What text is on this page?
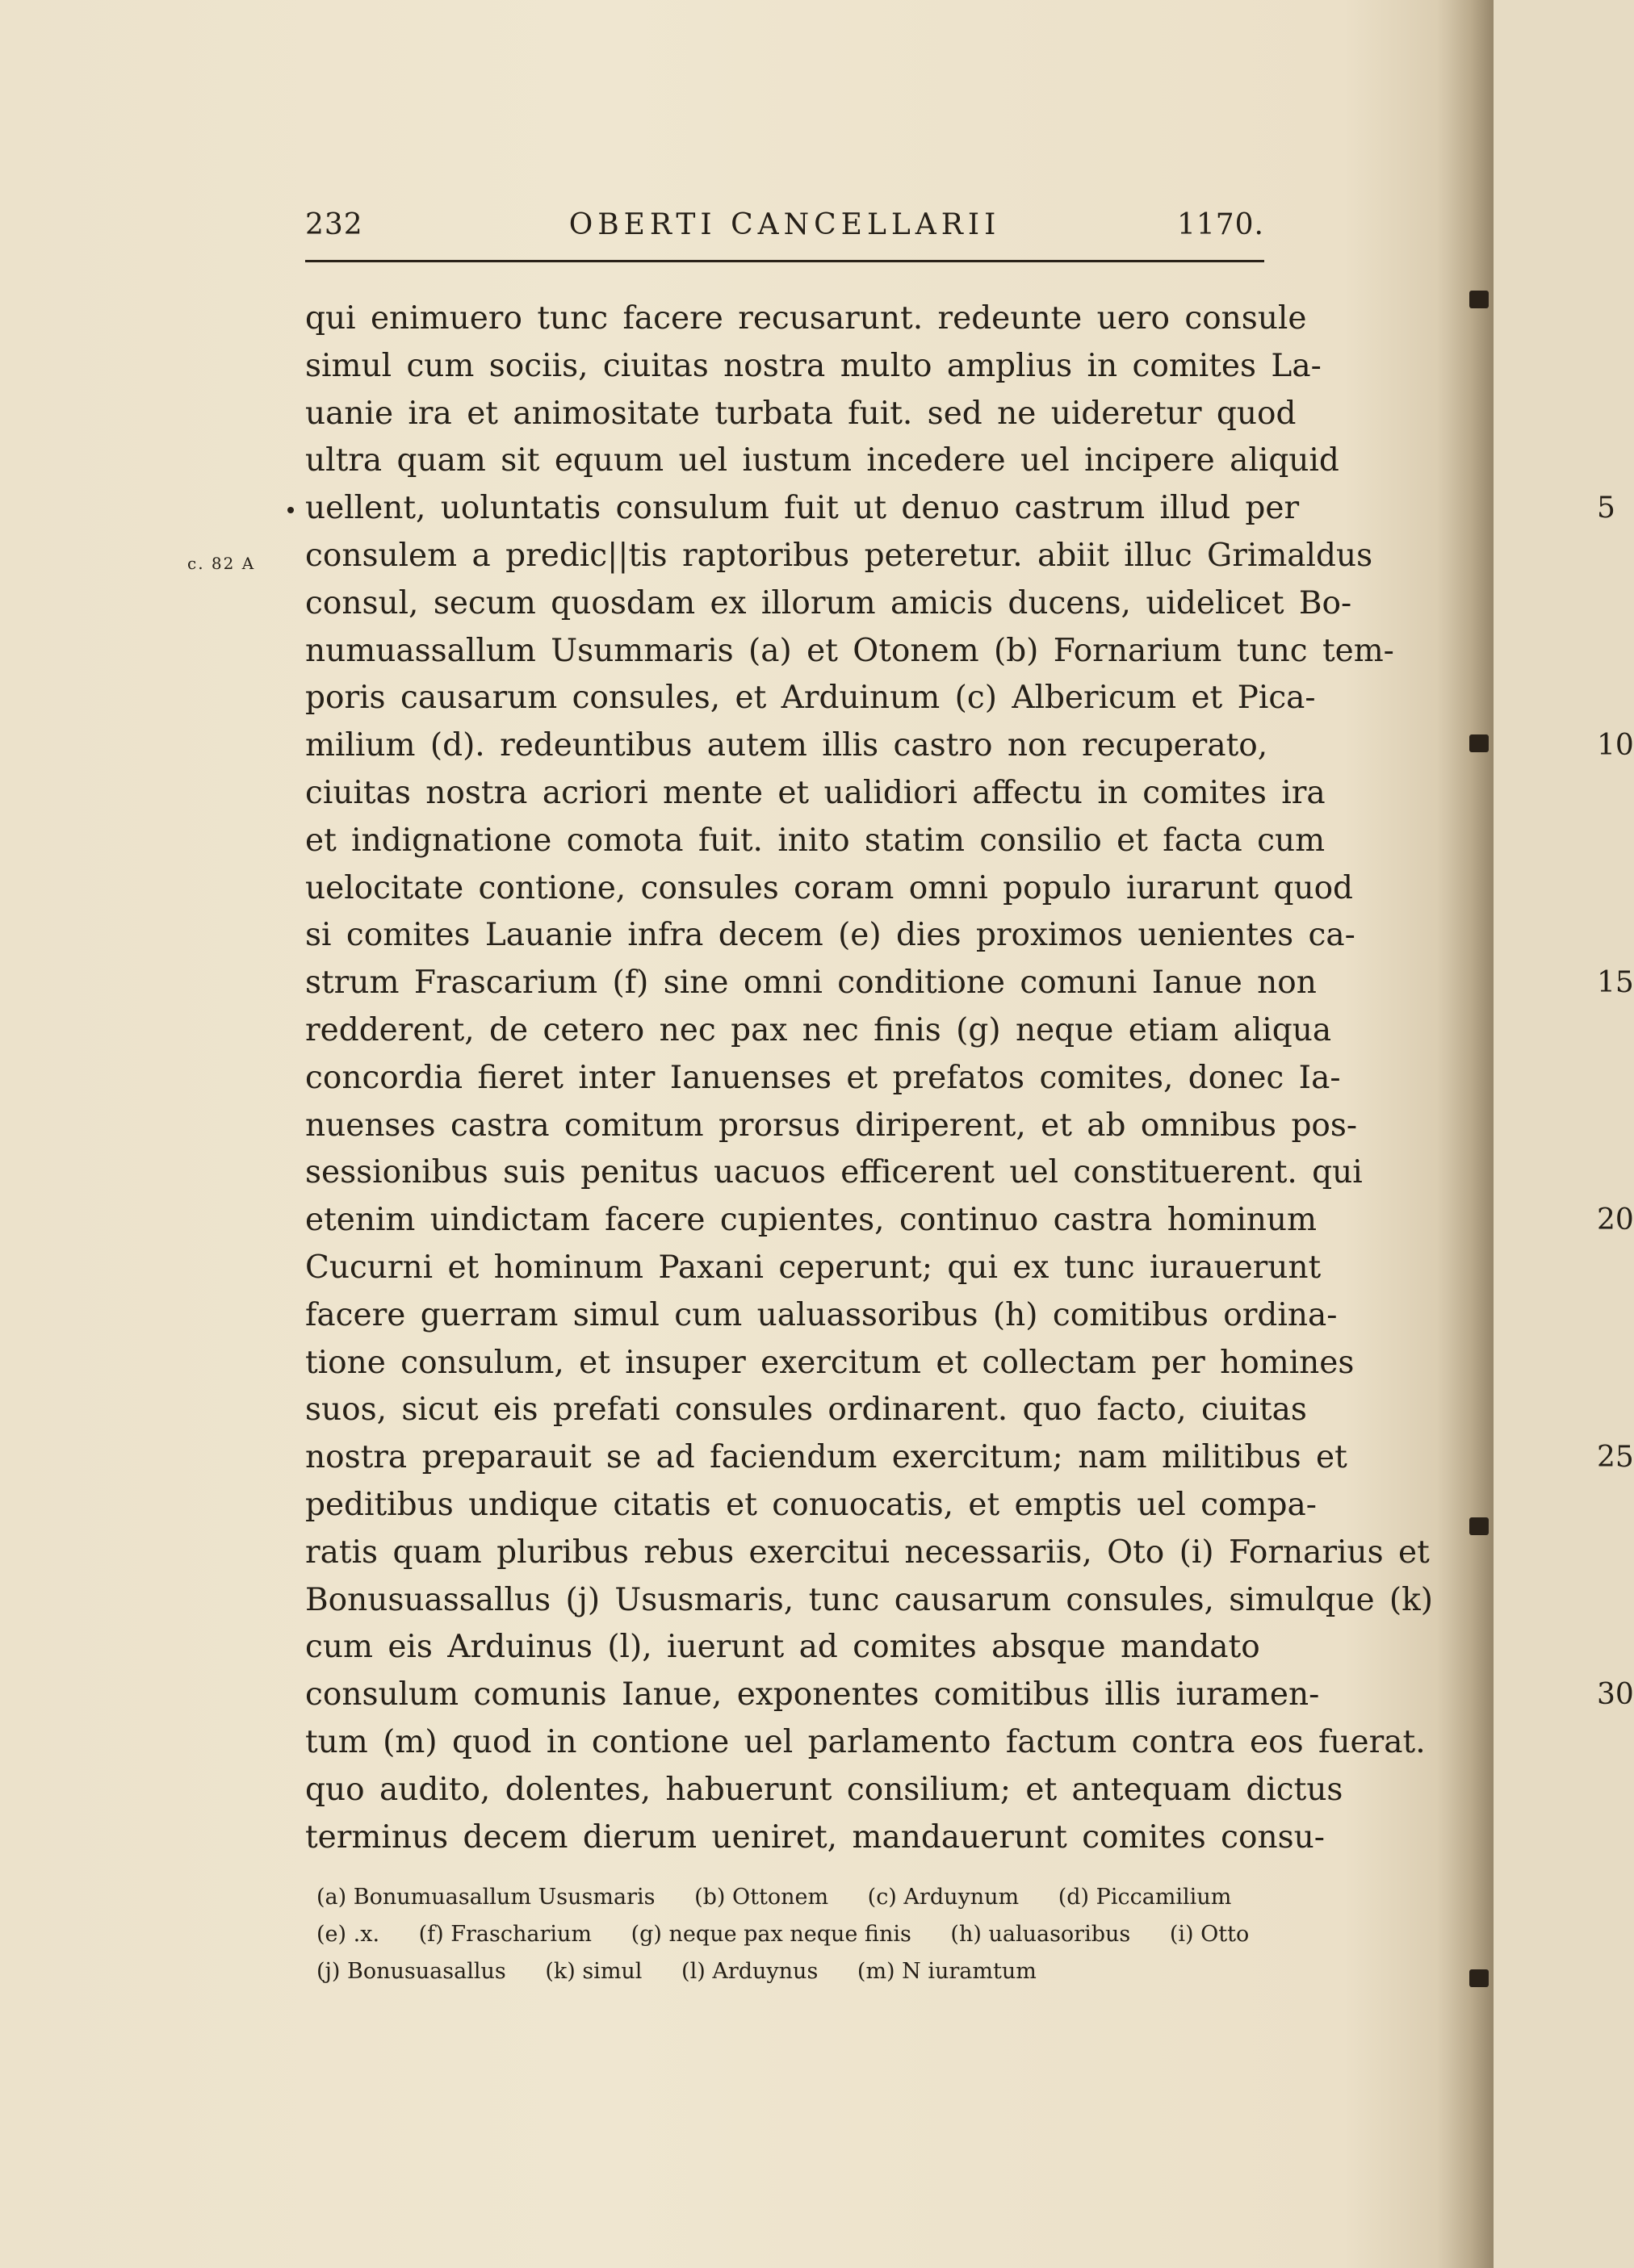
232	OBERTI CANCELLARII	1170.
c. 82 A
qui enimuero tunc facere recusarunt. redeunte uero consule
simul cum sociis, ciuitas nostra multo amplius in comites La-
uanie ira et animositate turbata fuit. sed ne uideretur quod
ultra quam sit equum uel iustum incedere uel incipere aliquid
uellent, uoluntatis consulum fuit ut denuo castrum illud per	5
consulem a predic||tis raptoribus peteretur. abiit illuc Grimaldus
consul, secum quosdam ex illorum amicis ducens, uidelicet Bo-
numuassallum Usummaris (a) et Otonem (b) Fornarium tunc tem-
poris causarum consules, et Arduinum (c) Albericum et Pica-
milium (d). redeuntibus autem illis castro non recuperato,	10
ciuitas nostra acriori mente et ualidiori affectu in comites ira
et indignatione comota fuit. inito statim consilio et facta cum
uelocitate contione, consules coram omni populo iurarunt quod
si comites Lauanie infra decem (e) dies proximos uenientes ca-
strum Frascarium (f) sine omni conditione comuni Ianue non	15
redderent, de cetero nec pax nec finis (g) neque etiam aliqua
concordia fieret inter Ianuenses et prefatos comites, donec Ia-
nuenses castra comitum prorsus diriperent, et ab omnibus pos-
sessionibus suis penitus uacuos efficerent uel constituerent. qui
etenim uindictam facere cupientes, continuo castra hominum	20
Cucurni et hominum Paxani ceperunt; qui ex tunc iurauerunt
facere guerram simul cum ualuassoribus (h) comitibus ordina-
tione consulum, et insuper exercitum et collectam per homines
suos, sicut eis prefati consules ordinarent. quo facto, ciuitas
nostra preparauit se ad faciendum exercitum; nam militibus et	25
peditibus undique citatis et conuocatis, et emptis uel compa-
ratis quam pluribus rebus exercitui necessariis, Oto (i) Fornarius et
Bonusuassallus (j) Ususmaris, tunc causarum consules, simulque (k)
cum eis Arduinus (l), iuerunt ad comites absque mandato
consulum comunis Ianue, exponentes comitibus illis iuramen-	30
tum (m) quod in contione uel parlamento factum contra eos fuerat.
quo audito, dolentes, habuerunt consilium; et antequam dictus
terminus decem dierum ueniret, mandauerunt comites consu-
(a) Bonumuasallum Ususmaris (b) Ottonem (c) Arduynum (d) Piccamilium
(e) .x. (f) Frascharium (g) neque pax neque finis (h) ualuasoribus (i) Otto
(j) Bonusuasallus (k) simul (l) Arduynus (m) N iuramtum
